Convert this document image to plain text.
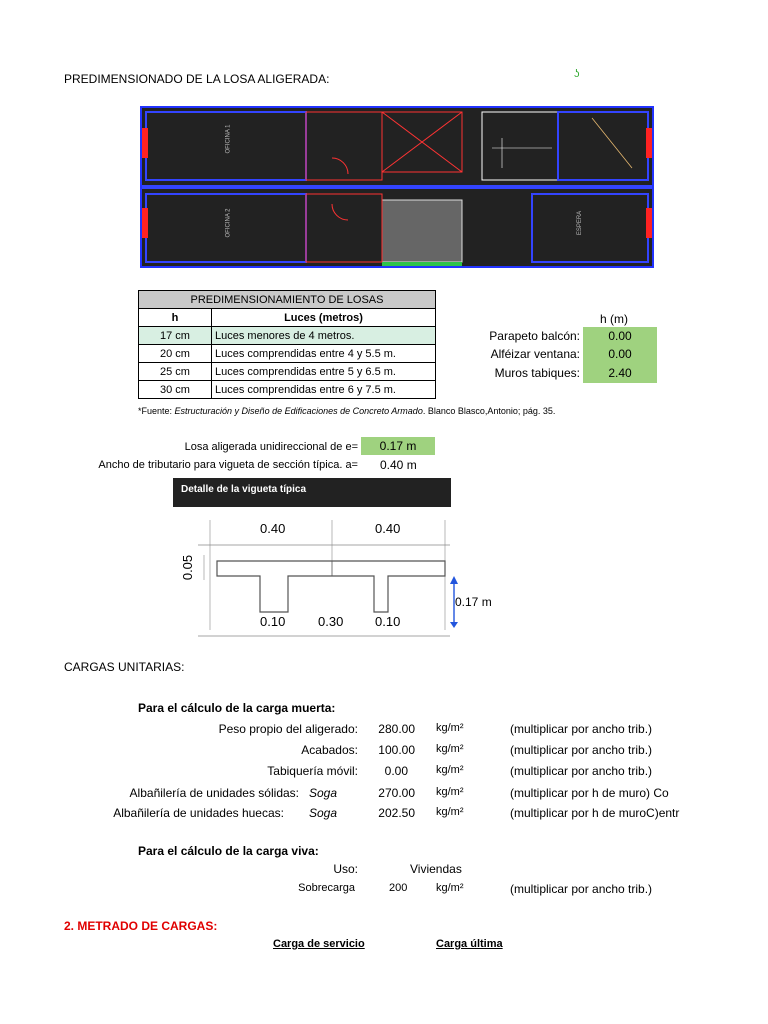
PREDIMENSIONADO DE LA LOSA ALIGERADA:	ʖ
OFICINA 1
OFICINA 2	ESPERA
PREDIMENSIONAMIENTO DE LOSAS	
h	Luces (metros)
17 cm	Luces menores de 4 metros.
20 cm	Luces comprendidas entre 4 y 5.5 m.
25 cm	Luces comprendidas entre 5 y 6.5 m.
30 cm	Luces comprendidas entre 6 y 7.5 m.
h (m)
Parapeto balcón:	0.00
Alféizar ventana:	0.00
Muros tabiques:	2.40
*Fuente: Estructuración y Diseño de Edificaciones de Concreto Armado. Blanco Blasco,Antonio; pág. 35.
Losa aligerada unidireccional de e=	0.17 m
Ancho de tributario para vigueta de sección típica. a= 0.40 m
Detalle de la vigueta típica
0.40	0.40
0.05
0.17 m
0.10	0.30 0.10
CARGAS UNITARIAS:
Para el cálculo de la carga muerta:
Peso propio del aligerado: 280.00 kg/m²	(multiplicar por ancho trib.)
Acabados: 100.00 kg/m²	(multiplicar por ancho trib.)
Tabiquería móvil: 0.00	kg/m²	(multiplicar por ancho trib.)
Albañilería de unidades sólidas: Soga	270.00 kg/m²	(multiplicar por h de muro) Co
Albañilería de unidades huecas: Soga	202.50 kg/m²	(multiplicar por h de muroC)entr
Para el cálculo de la carga viva:
Uso:	Viviendas
Sobrecarga	200	kg/m²	(multiplicar por ancho trib.)
2. METRADO DE CARGAS:
Carga de servicio	Carga última
